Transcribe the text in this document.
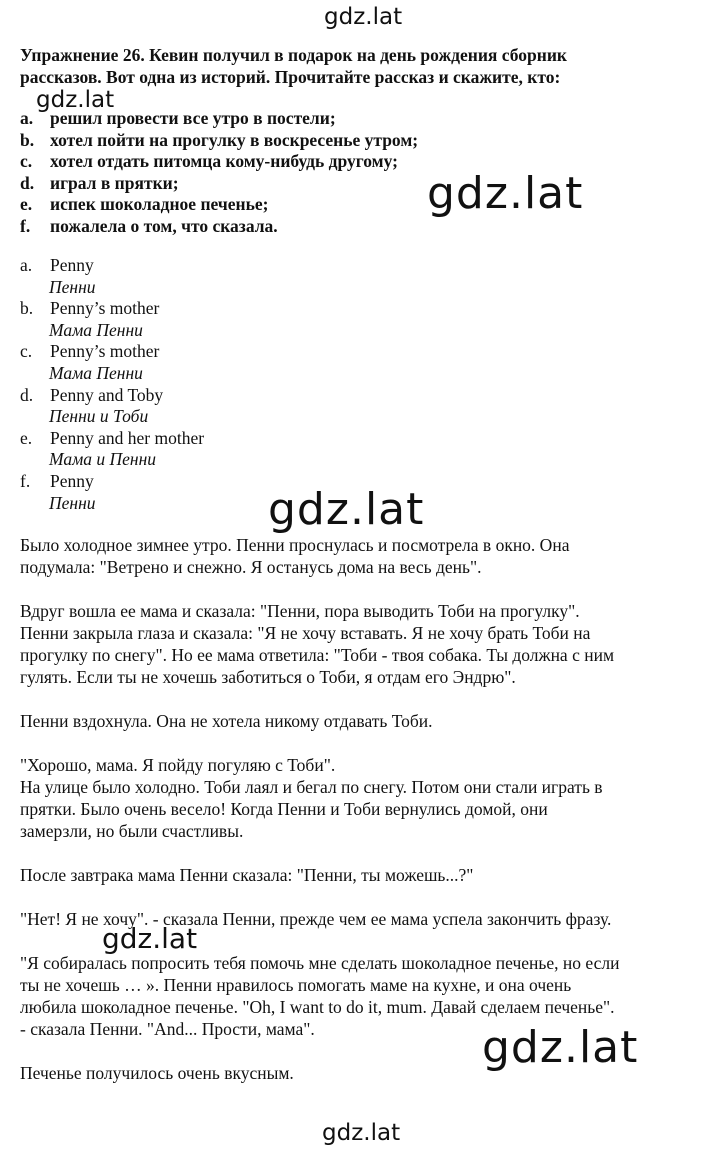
gdz.lat
gdz.lat
gdz.lat
gdz.lat
gdz.lat
gdz.lat
gdz.lat
Упражнение 26. Кевин получил в подарок на день рождения сборник
рассказов. Вот одна из историй. Прочитайте рассказ и скажите, кто:
a. решил провести все утро в постели;
b. хотел пойти на прогулку в воскресенье утром;
c.	хотел отдать питомца кому-нибудь другому;
d. играл в прятки;
e.	испек шоколадное печенье;
f.	пожалела о том, что сказала.
a.	Penny
Пенни
b. Penny’s mother
Мама Пенни
c.	Penny’s mother
Мама Пенни
d. Penny and Toby
Пенни и Тоби
e.	Penny and her mother
Мама и Пенни
f.	Penny
Пенни

Было холодное зимнее утро. Пенни проснулась и посмотрела в окно. Она

подумала: "Ветрено и снежно. Я останусь дома на весь день".

Вдруг вошла ее мама и сказала: "Пенни, пора выводить Тоби на прогулку".

Пенни закрыла глаза и сказала: "Я не хочу вставать. Я не хочу брать Тоби на

прогулку по снегу". Но ее мама ответила: "Тоби - твоя собака. Ты должна с ним

гулять. Если ты не хочешь заботиться о Тоби, я отдам его Эндрю".

Пенни вздохнула. Она не хотела никому отдавать Тоби.

"Хорошо, мама. Я пойду погуляю с Тоби".

На улице было холодно. Тоби лаял и бегал по снегу. Потом они стали играть в

прятки. Было очень весело! Когда Пенни и Тоби вернулись домой, они

замерзли, но были счастливы.

После завтрака мама Пенни сказала: "Пенни, ты можешь...?"

"Нет! Я не хочу". - сказала Пенни, прежде чем ее мама успела закончить фразу.

"Я собиралась попросить тебя помочь мне сделать шоколадное печенье, но если

ты не хочешь … ». Пенни нравилось помогать маме на кухне, и она очень

любила шоколадное печенье. "Oh, I want to do it, mum. Давай сделаем печенье".

- сказала Пенни. "And... Прости, мама".

Печенье получилось очень вкусным.
